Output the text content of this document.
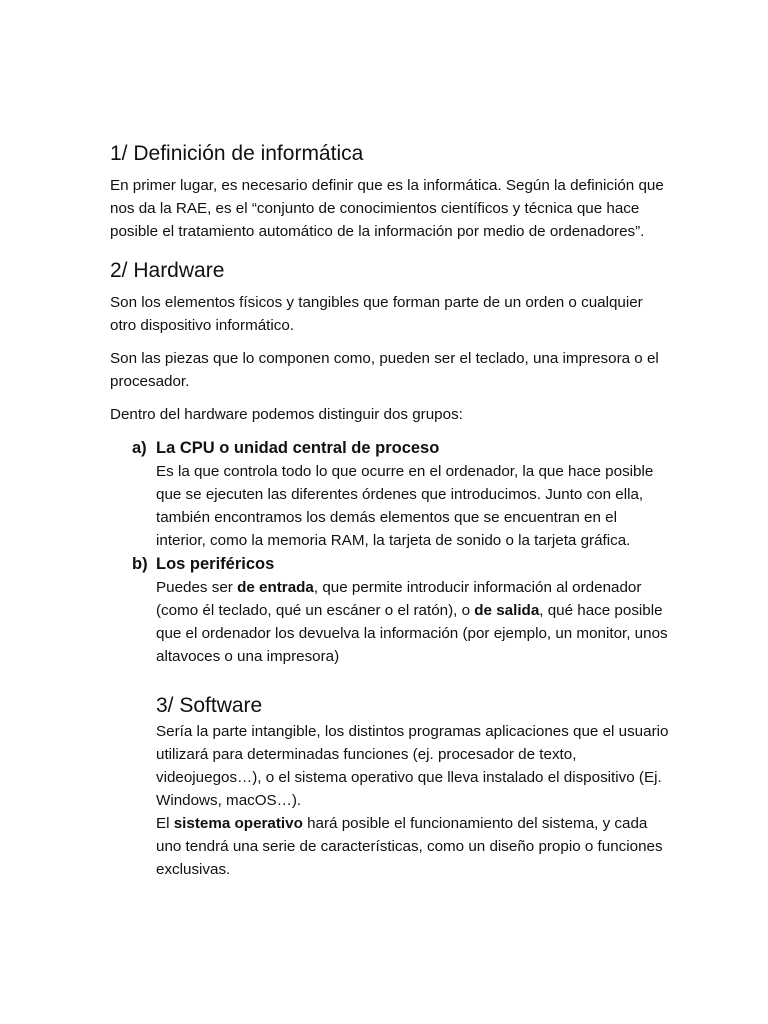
1/ Definición de informática

En primer lugar, es necesario definir que es la informática. Según la definición que nos da la RAE, es el “conjunto de conocimientos científicos y técnica que hace posible el tratamiento automático de la información por medio de ordenadores”.

2/ Hardware

Son los elementos físicos y tangibles que forman parte de un orden o cualquier otro dispositivo informático.

Son las piezas que lo componen como, pueden ser el teclado, una impresora o el procesador.

Dentro del hardware podemos distinguir dos grupos:

a) La CPU o unidad central de proceso

Es la que controla todo lo que ocurre en el ordenador, la que hace posible que se ejecuten las diferentes órdenes que introducimos. Junto con ella, también encontramos los demás elementos que se encuentran en el interior, como la memoria RAM, la tarjeta de sonido o la tarjeta gráfica.

b) Los periféricos

Puedes ser de entrada, que permite introducir información al ordenador (como él teclado, qué un escáner o el ratón), o de salida, qué hace posible que el ordenador los devuelva la información (por ejemplo, un monitor, unos altavoces o una impresora)

3/ Software

Sería la parte intangible, los distintos programas aplicaciones que el usuario utilizará para determinadas funciones (ej. procesador de texto, videojuegos…), o el sistema operativo que lleva instalado el dispositivo (Ej. Windows, macOS…).

El sistema operativo hará posible el funcionamiento del sistema, y cada uno tendrá una serie de características, como un diseño propio o funciones exclusivas.
